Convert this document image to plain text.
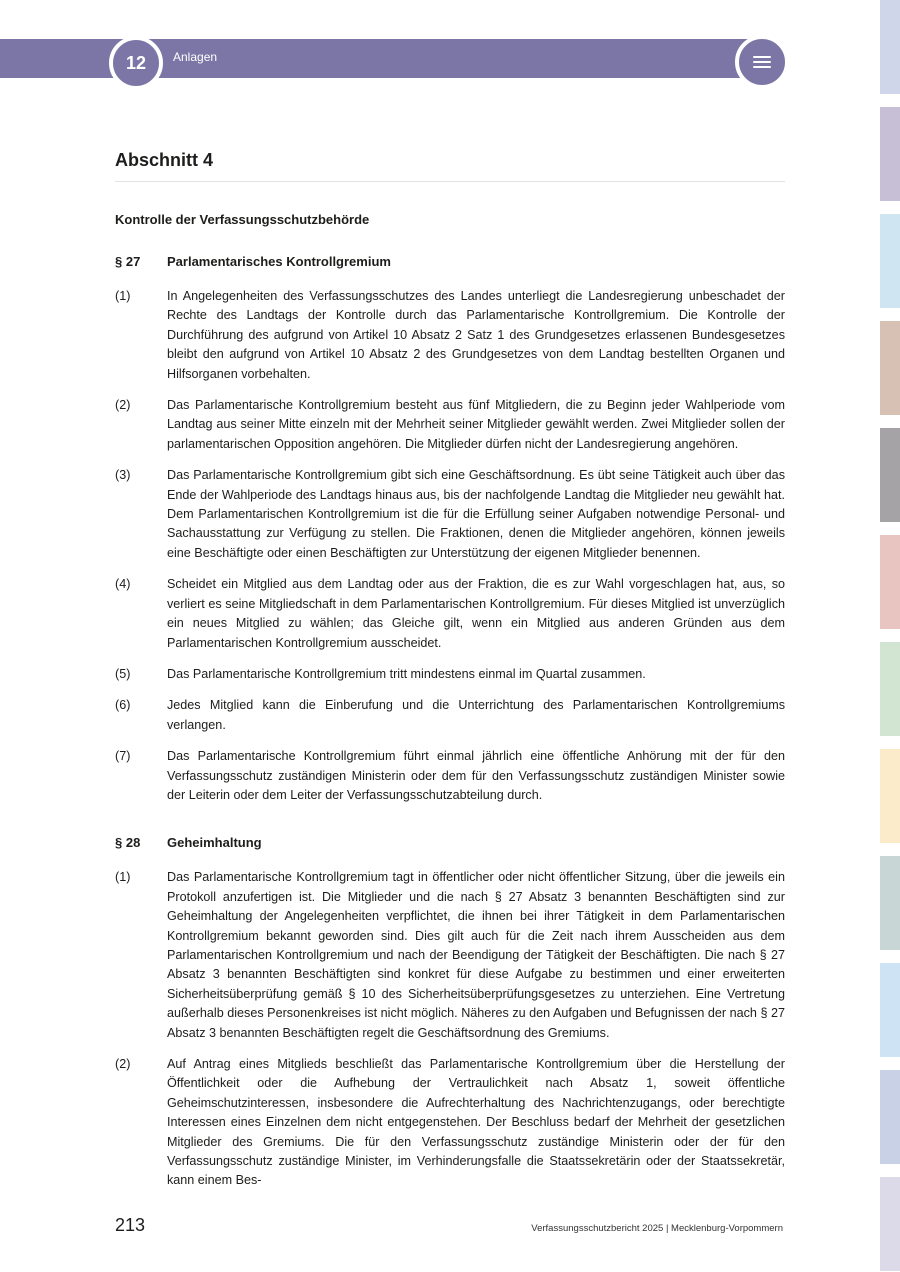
12	Anlagen
Abschnitt 4
Kontrolle der Verfassungsschutzbehörde
§ 27	Parlamentarisches Kontrollgremium
(1)	In Angelegenheiten des Verfassungsschutzes des Landes unterliegt die Landesregierung unbeschadet der Rechte des Landtags der Kontrolle durch das Parlamentarische Kontrollgremium. Die Kontrolle der Durchführung des aufgrund von Artikel 10 Absatz 2 Satz 1 des Grundgesetzes erlassenen Bundesgesetzes bleibt den aufgrund von Artikel 10 Absatz 2 des Grundgesetzes von dem Landtag bestellten Organen und Hilfsorganen vorbehalten.
(2)	Das Parlamentarische Kontrollgremium besteht aus fünf Mitgliedern, die zu Beginn jeder Wahlperiode vom Landtag aus seiner Mitte einzeln mit der Mehrheit seiner Mitglieder gewählt werden. Zwei Mitglieder sollen der parlamentarischen Opposition angehören. Die Mitglieder dürfen nicht der Landesregierung angehören.
(3)	Das Parlamentarische Kontrollgremium gibt sich eine Geschäftsordnung. Es übt seine Tätigkeit auch über das Ende der Wahlperiode des Landtags hinaus aus, bis der nachfolgende Landtag die Mitglieder neu gewählt hat. Dem Parlamentarischen Kontrollgremium ist die für die Erfüllung seiner Aufgaben notwendige Personal- und Sachausstattung zur Verfügung zu stellen. Die Fraktionen, denen die Mitglieder angehören, können jeweils eine Beschäftigte oder einen Beschäftigten zur Unterstützung der eigenen Mitglieder benennen.
(4)	Scheidet ein Mitglied aus dem Landtag oder aus der Fraktion, die es zur Wahl vorgeschlagen hat, aus, so verliert es seine Mitgliedschaft in dem Parlamentarischen Kontrollgremium. Für dieses Mitglied ist unverzüglich ein neues Mitglied zu wählen; das Gleiche gilt, wenn ein Mitglied aus anderen Gründen aus dem Parlamentarischen Kontrollgremium ausscheidet.
(5)	Das Parlamentarische Kontrollgremium tritt mindestens einmal im Quartal zusammen.
(6)	Jedes Mitglied kann die Einberufung und die Unterrichtung des Parlamentarischen Kontrollgremiums verlangen.
(7)	Das Parlamentarische Kontrollgremium führt einmal jährlich eine öffentliche Anhörung mit der für den Verfassungsschutz zuständigen Ministerin oder dem für den Verfassungsschutz zuständigen Minister sowie der Leiterin oder dem Leiter der Verfassungsschutzabteilung durch.
§ 28	Geheimhaltung
(1)	Das Parlamentarische Kontrollgremium tagt in öffentlicher oder nicht öffentlicher Sitzung, über die jeweils ein Protokoll anzufertigen ist. Die Mitglieder und die nach § 27 Absatz 3 benannten Beschäftigten sind zur Geheimhaltung der Angelegenheiten verpflichtet, die ihnen bei ihrer Tätigkeit in dem Parlamentarischen Kontrollgremium bekannt geworden sind. Dies gilt auch für die Zeit nach ihrem Ausscheiden aus dem Parlamentarischen Kontrollgremium und nach der Beendigung der Tätigkeit der Beschäftigten. Die nach § 27 Absatz 3 benannten Beschäftigten sind konkret für diese Aufgabe zu bestimmen und einer erweiterten Sicherheitsüberprüfung gemäß § 10 des Sicherheitsüberprüfungsgesetzes zu unterziehen. Eine Vertretung außerhalb dieses Personenkreises ist nicht möglich. Näheres zu den Aufgaben und Befugnissen der nach § 27 Absatz 3 benannten Beschäftigten regelt die Geschäftsordnung des Gremiums.
(2)	Auf Antrag eines Mitglieds beschließt das Parlamentarische Kontrollgremium über die Herstellung der Öffentlichkeit oder die Aufhebung der Vertraulichkeit nach Absatz 1, soweit öffentliche Geheimschutzinteressen, insbesondere die Aufrechterhaltung des Nachrichtenzugangs, oder berechtigte Interessen eines Einzelnen dem nicht entgegenstehen. Der Beschluss bedarf der Mehrheit der gesetzlichen Mitglieder des Gremiums. Die für den Verfassungsschutz zuständige Ministerin oder der für den Verfassungsschutz zuständige Minister, im Verhinderungsfalle die Staatssekretärin oder der Staatssekretär, kann einem Bes-
213	Verfassungsschutzbericht 2025 | Mecklenburg-Vorpommern
